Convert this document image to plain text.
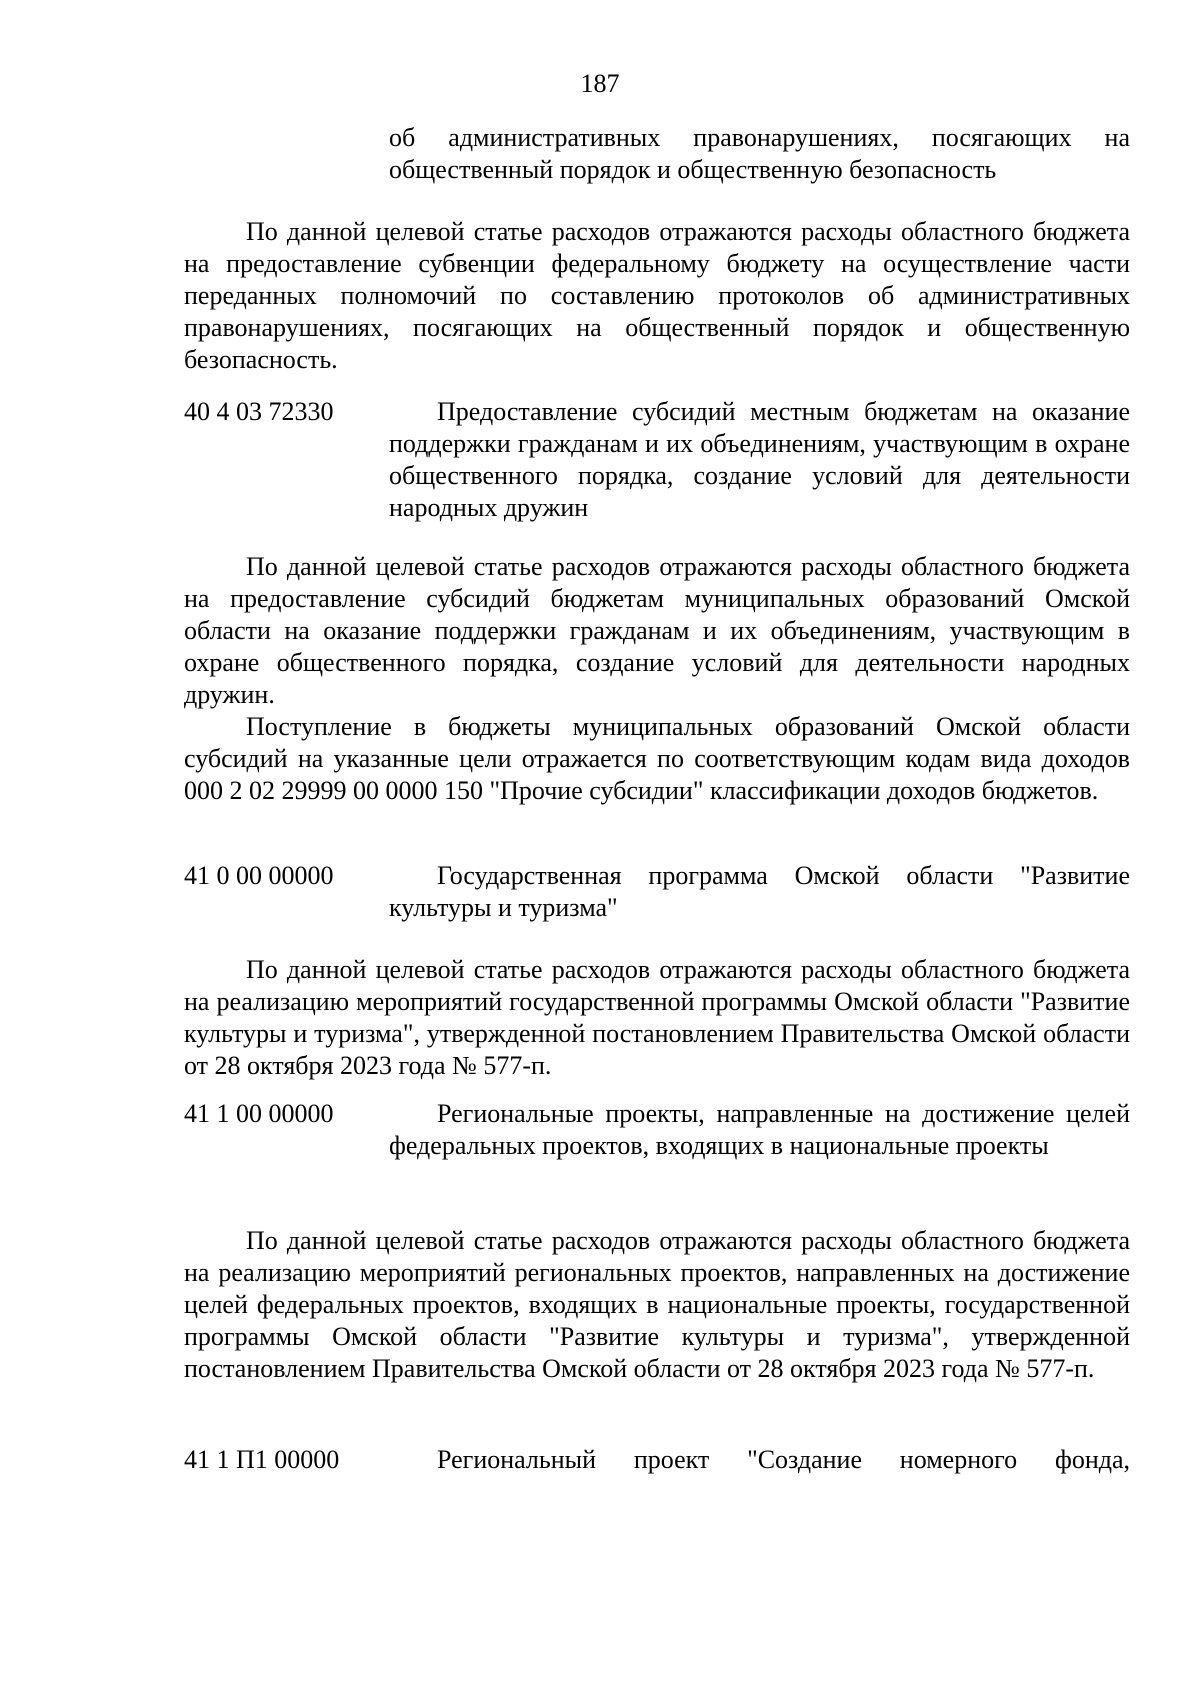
187

об административных правонарушениях, посягающих на общественный порядок и общественную безопасность

По данной целевой статье расходов отражаются расходы областного бюджета на предоставление субвенции федеральному бюджету на осуществление части переданных полномочий по составлению протоколов об административных правонарушениях, посягающих на общественный порядок и общественную безопасность.

40 4 03 72330	Предоставление субсидий местным бюджетам на оказание поддержки гражданам и их объединениям, участвующим в охране общественного порядка, создание условий для деятельности народных дружин

По данной целевой статье расходов отражаются расходы областного бюджета на предоставление субсидий бюджетам муниципальных образований Омской области на оказание поддержки гражданам и их объединениям, участвующим в охране общественного порядка, создание условий для деятельности народных дружин.

Поступление в бюджеты муниципальных образований Омской области субсидий на указанные цели отражается по соответствующим кодам вида доходов 000 2 02 29999 00 0000 150 "Прочие субсидии" классификации доходов бюджетов.

41 0 00 00000	Государственная программа Омской области "Развитие культуры и туризма"

По данной целевой статье расходов отражаются расходы областного бюджета на реализацию мероприятий государственной программы Омской области "Развитие культуры и туризма", утвержденной постановлением Правительства Омской области от 28 октября 2023 года № 577-п.

41 1 00 00000	Региональные проекты, направленные на достижение целей федеральных проектов, входящих в национальные проекты

По данной целевой статье расходов отражаются расходы областного бюджета на реализацию мероприятий региональных проектов, направленных на достижение целей федеральных проектов, входящих в национальные проекты, государственной программы Омской области "Развитие культуры и туризма", утвержденной постановлением Правительства Омской области от 28 октября 2023 года № 577-п.

41 1 П1 00000	Региональный проект "Создание номерного фонда,
